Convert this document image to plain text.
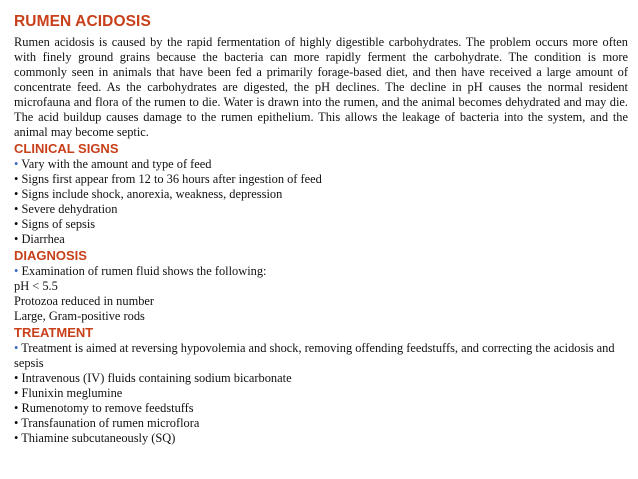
RUMEN ACIDOSIS

Rumen acidosis is caused by the rapid fermentation of highly digestible carbohydrates. The problem occurs more often with finely ground grains because the bacteria can more rapidly ferment the carbohydrate. The condition is more commonly seen in animals that have been fed a primarily forage-based diet, and then have received a large amount of concentrate feed. As the carbohydrates are digested, the pH declines. The decline in pH causes the normal resident microfauna and flora of the rumen to die. Water is drawn into the rumen, and the animal becomes dehydrated and may die. The acid buildup causes damage to the rumen epithelium. This allows the leakage of bacteria into the system, and the animal may become septic.

CLINICAL SIGNS
• Vary with the amount and type of feed
• Signs first appear from 12 to 36 hours after ingestion of feed
• Signs include shock, anorexia, weakness, depression
• Severe dehydration
• Signs of sepsis
• Diarrhea
DIAGNOSIS
• Examination of rumen fluid shows the following:
pH < 5.5
Protozoa reduced in number
Large, Gram-positive rods
TREATMENT
• Treatment is aimed at reversing hypovolemia and shock, removing offending feedstuffs, and correcting the acidosis and sepsis
• Intravenous (IV) fluids containing sodium bicarbonate
• Flunixin meglumine
• Rumenotomy to remove feedstuffs
• Transfaunation of rumen microflora
• Thiamine subcutaneously (SQ)
